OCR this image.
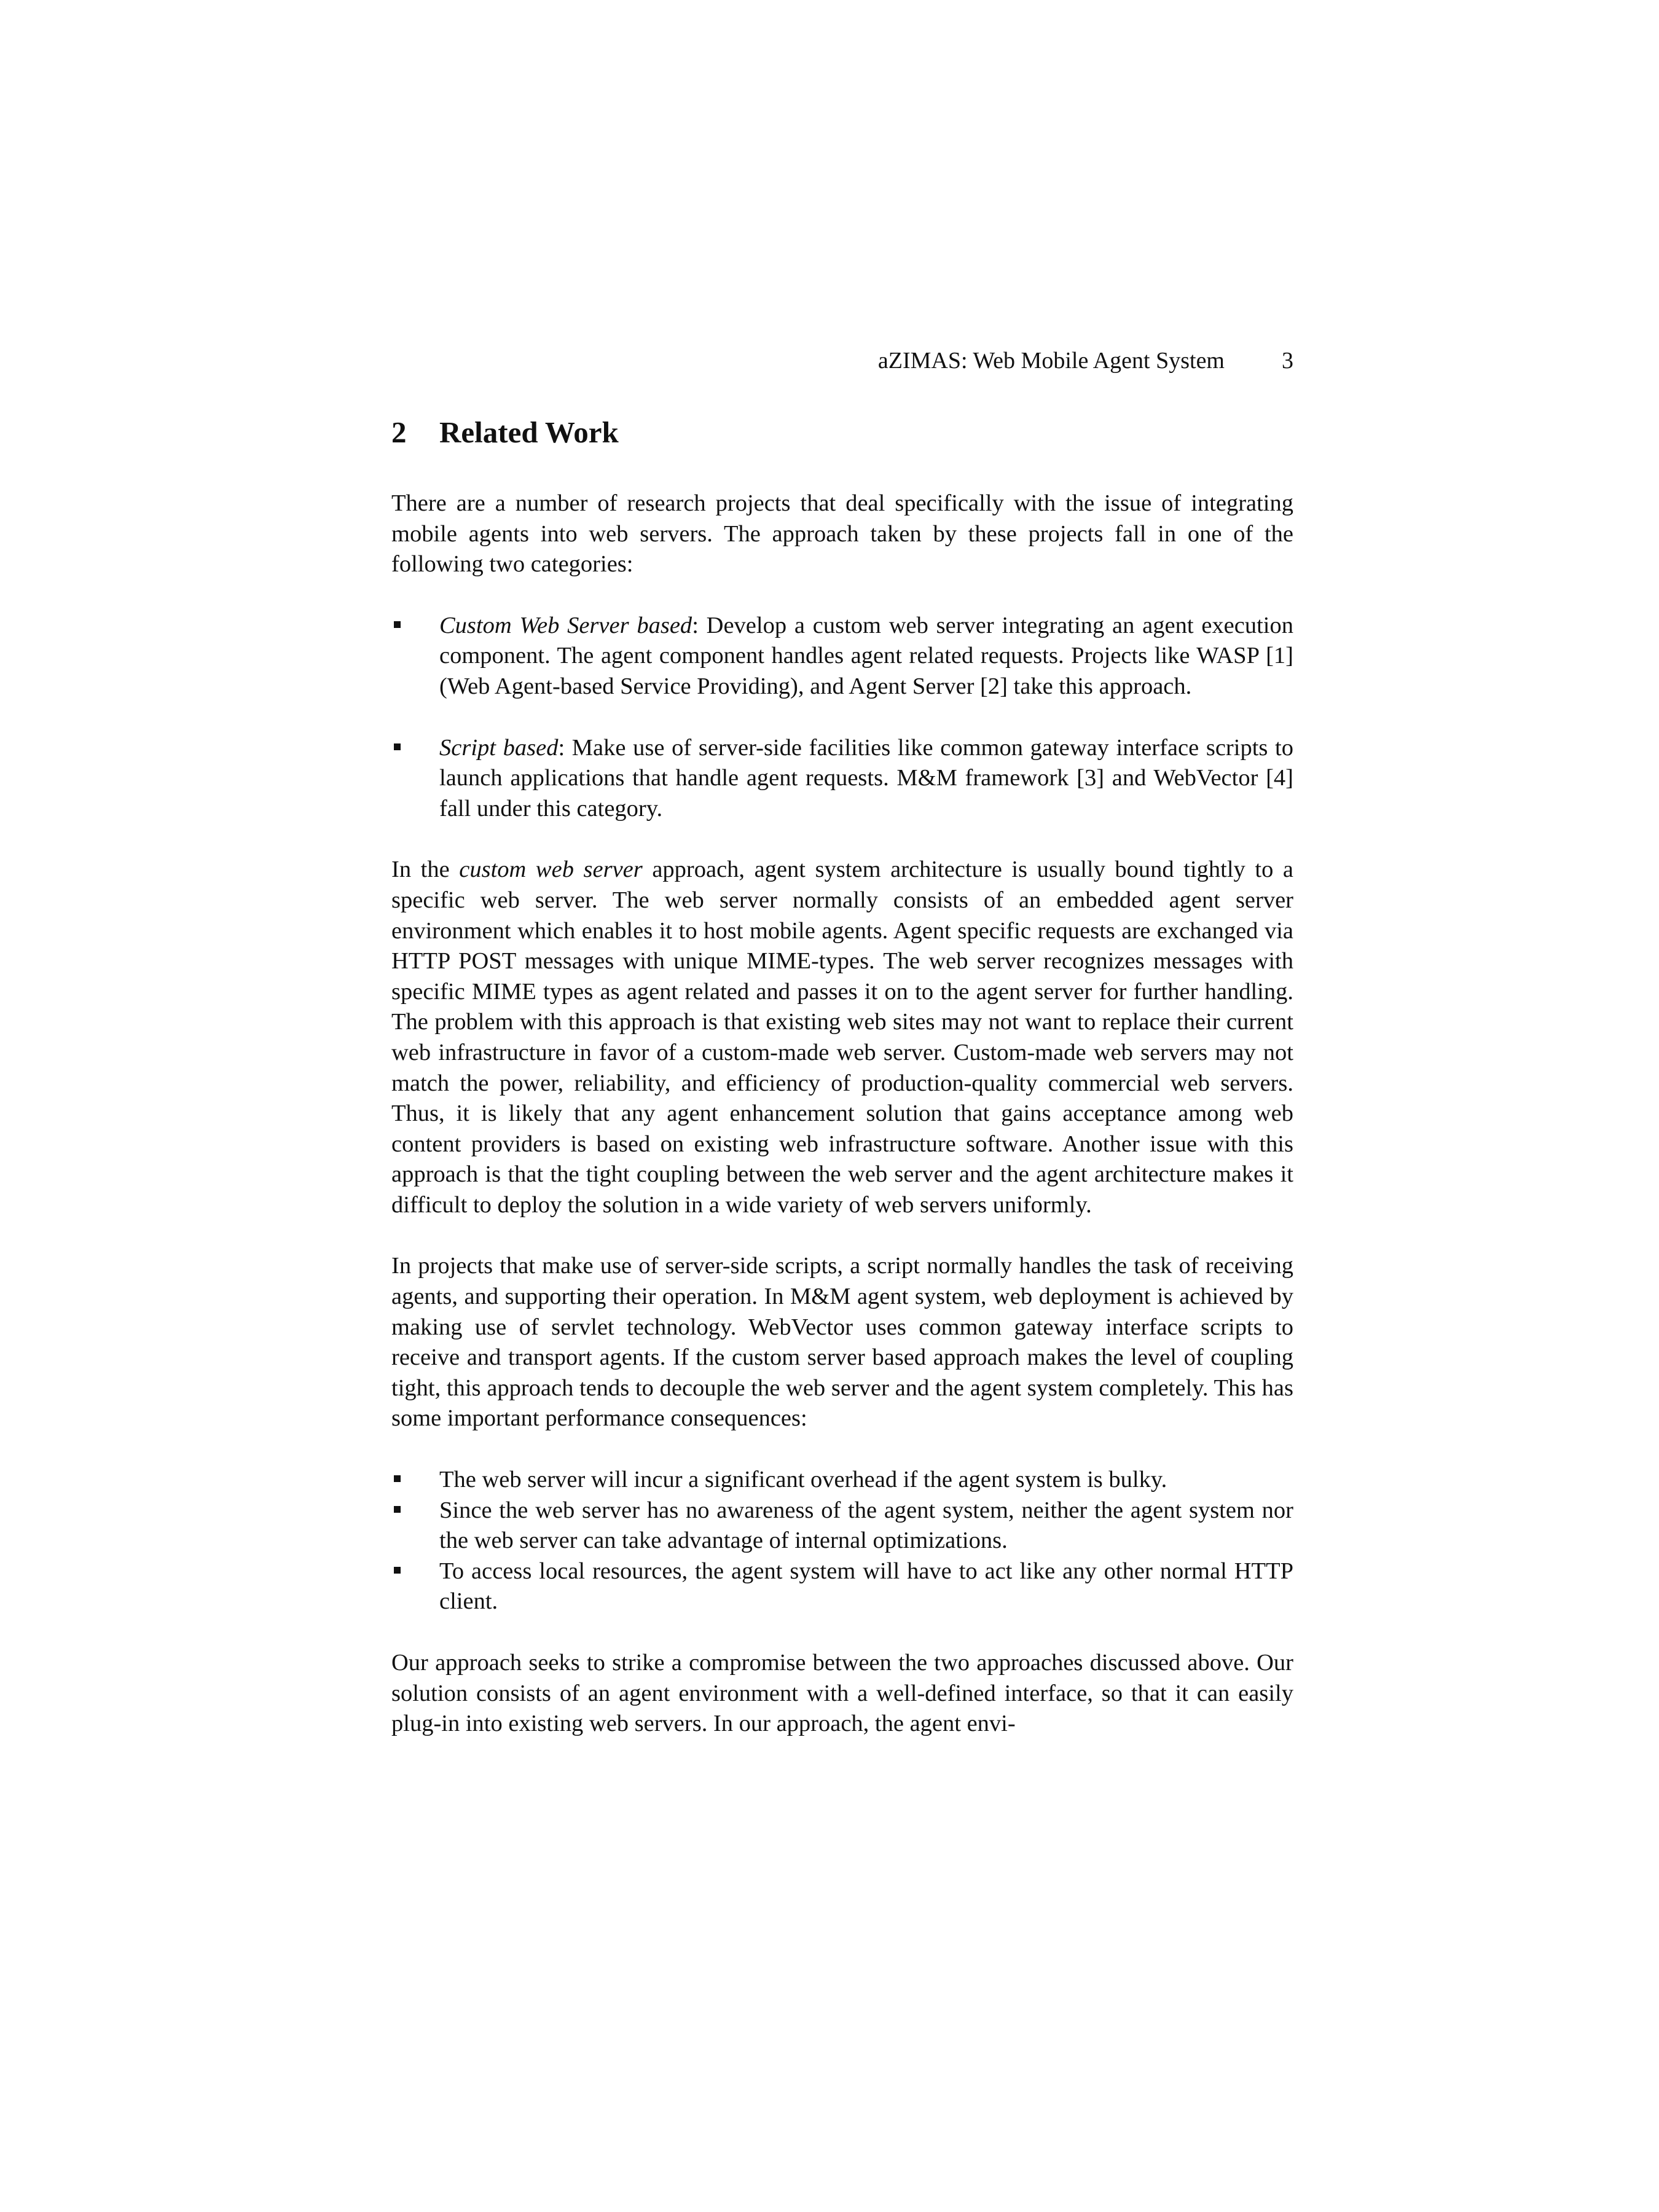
aZIMAS: Web Mobile Agent System 3
2	Related Work

There are a number of research projects that deal specifically with the issue of integrating mobile agents into web servers. The approach taken by these projects fall in one of the following two categories:

Custom Web Server based: Develop a custom web server integrating an agent execution component. The agent component handles agent related requests. Projects like WASP [1] (Web Agent-based Service Providing), and Agent Server [2] take this approach.
Script based: Make use of server-side facilities like common gateway interface scripts to launch applications that handle agent requests. M&M framework [3] and WebVector [4] fall under this category.

In the custom web server approach, agent system architecture is usually bound tightly to a specific web server. The web server normally consists of an embedded agent server environment which enables it to host mobile agents. Agent specific requests are exchanged via HTTP POST messages with unique MIME-types. The web server recognizes messages with specific MIME types as agent related and passes it on to the agent server for further handling. The problem with this approach is that existing web sites may not want to replace their current web infrastructure in favor of a custom-made web server. Custom-made web servers may not match the power, reliability, and efficiency of production-quality commercial web servers. Thus, it is likely that any agent enhancement solution that gains acceptance among web content providers is based on existing web infrastructure software. Another issue with this approach is that the tight coupling between the web server and the agent architecture makes it difficult to deploy the solution in a wide variety of web servers uniformly.

In projects that make use of server-side scripts, a script normally handles the task of receiving agents, and supporting their operation. In M&M agent system, web deployment is achieved by making use of servlet technology. WebVector uses common gateway interface scripts to receive and transport agents. If the custom server based approach makes the level of coupling tight, this approach tends to decouple the web server and the agent system completely. This has some important performance consequences:

The web server will incur a significant overhead if the agent system is bulky.
Since the web server has no awareness of the agent system, neither the agent system nor the web server can take advantage of internal optimizations.
To access local resources, the agent system will have to act like any other normal HTTP client.

Our approach seeks to strike a compromise between the two approaches discussed above. Our solution consists of an agent environment with a well-defined interface, so that it can easily plug-in into existing web servers. In our approach, the agent envi-
